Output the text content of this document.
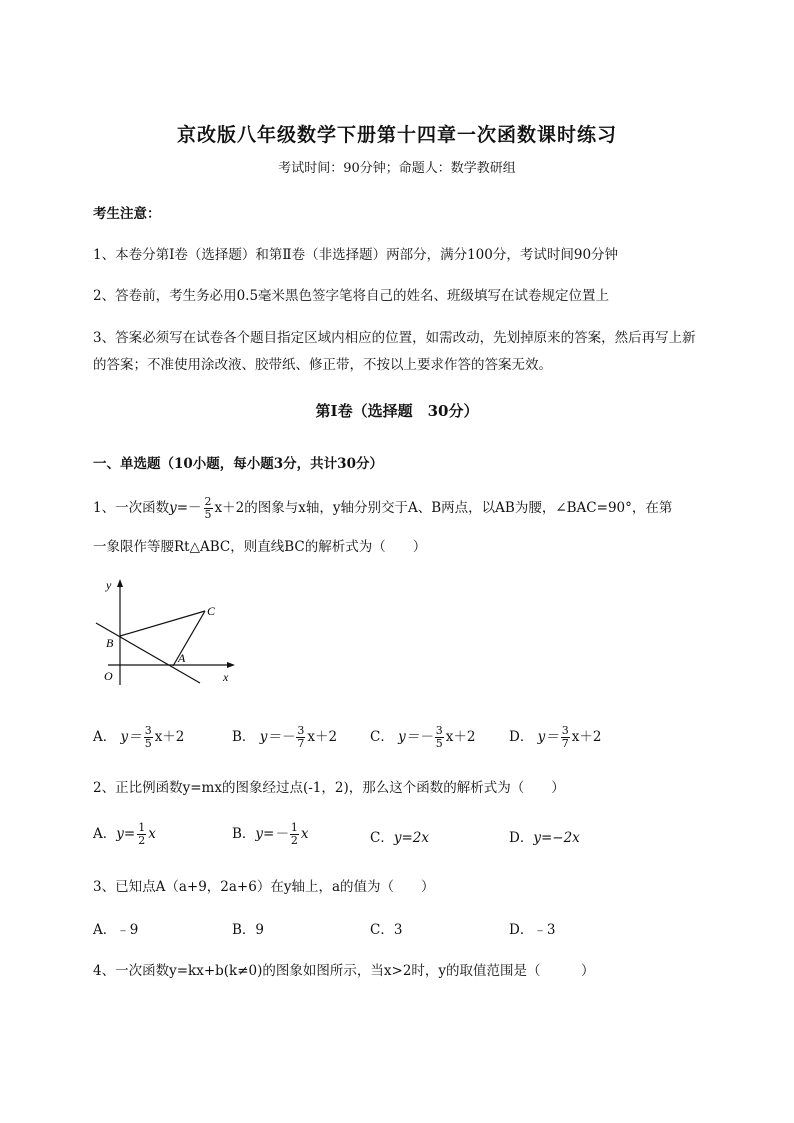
京改版八年级数学下册第十四章一次函数课时练习
考试时间：90分钟；命题人：数学教研组
考生注意：
1、本卷分第I卷（选择题）和第Ⅱ卷（非选择题）两部分，满分100分，考试时间90分钟
2、答卷前，考生务必用0.5毫米黑色签字笔将自己的姓名、班级填写在试卷规定位置上
3、答案必须写在试卷各个题目指定区域内相应的位置，如需改动，先划掉原来的答案，然后再写上新
的答案；不准使用涂改液、胶带纸、修正带，不按以上要求作答的答案无效。
第I卷（选择题　30分）
一、单选题（10小题，每小题3分，共计30分）
1、一次函数$y=- \frac{2}{5} x+2$的图象与x轴，y轴分别交于A、B两点，以AB为腰，∠BAC=90°，在第
一象限作等腰Rt△ABC，则直线BC的解析式为（　　）
y
x
O
A
B
C
A． $y= \frac{3}{5} x+2$	B． $y=- \frac{3}{7} x+2$ C． $y=- \frac{3}{5} x+2$ D． $y= \frac{3}{7} x+2$
2、正比例函数y=mx的图象经过点(-1，2)，那么这个函数的解析式为（　　）
A．$y= \frac{1}{2}$ x	B．$y=- \frac{1}{2}$ x	C．y=2x	D．y=−2x
3、已知点A（a+9，2a+6）在y轴上，a的值为（　　）
A．﹣9	B．9	C．3	D．﹣3
4、一次函数y=kx+b(k≠0)的图象如图所示，当x>2时，y的取值范围是（　　　）
